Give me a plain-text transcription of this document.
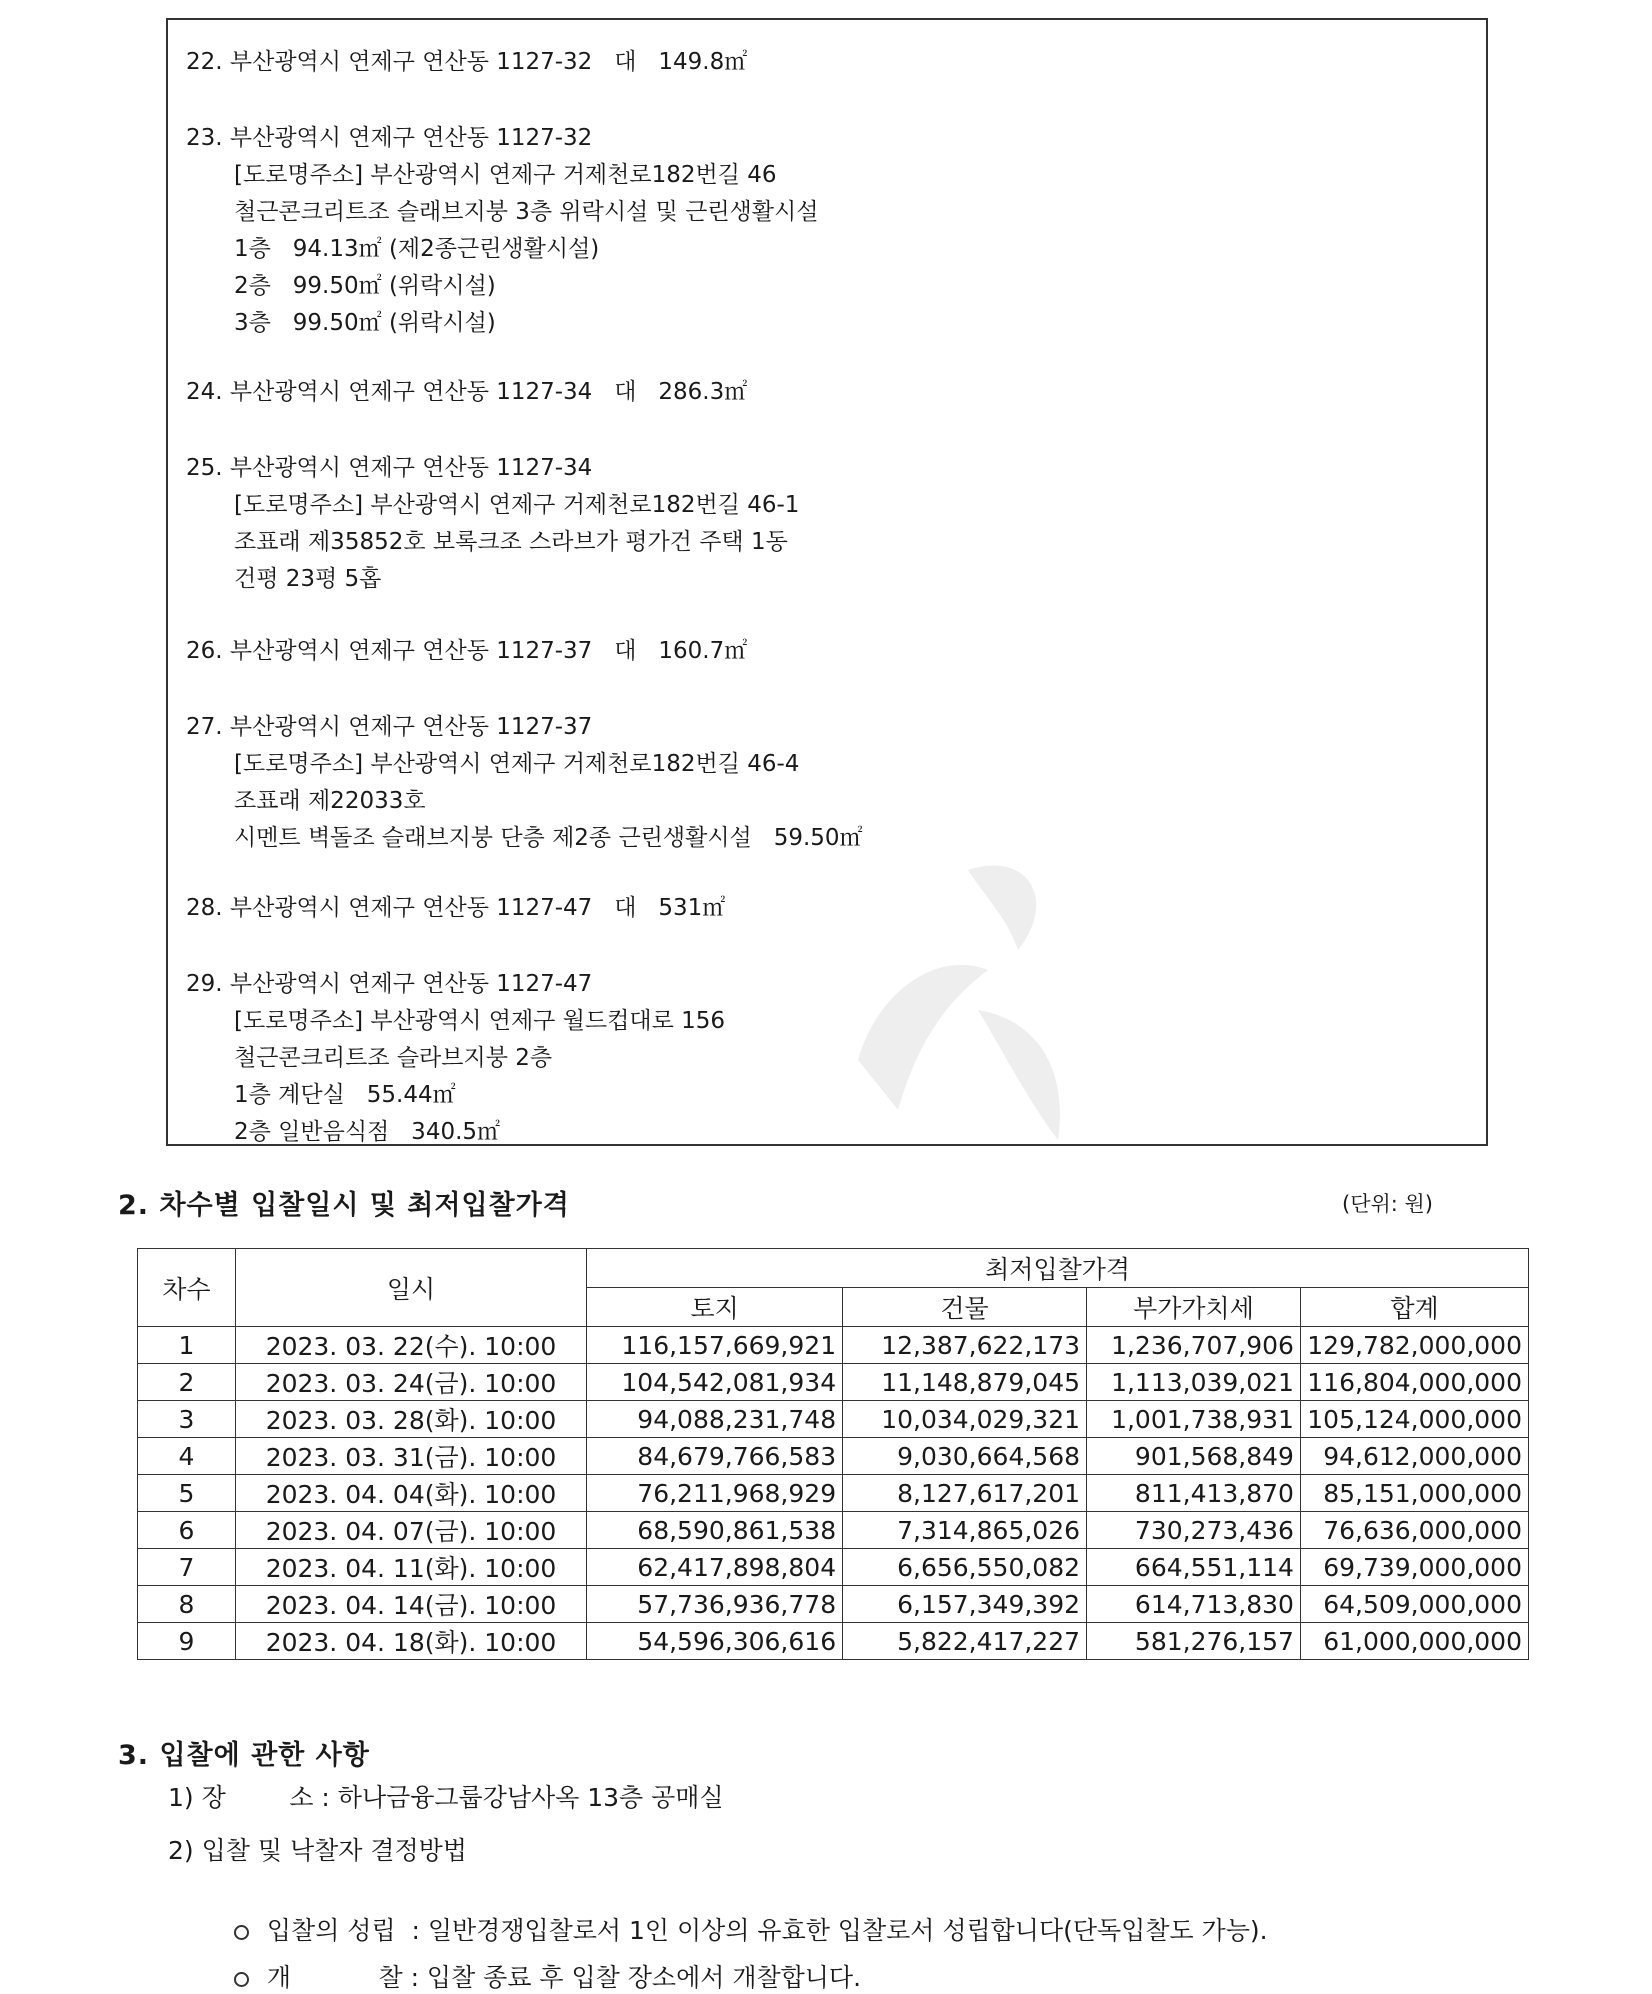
22. 부산광역시 연제구 연산동 1127-32   대   149.8㎡
23. 부산광역시 연제구 연산동 1127-32
[도로명주소] 부산광역시 연제구 거제천로182번길 46
철근콘크리트조 슬래브지붕 3층 위락시설 및 근린생활시설
1층   94.13㎡ (제2종근린생활시설)
2층   99.50㎡ (위락시설)
3층   99.50㎡ (위락시설)
24. 부산광역시 연제구 연산동 1127-34   대   286.3㎡
25. 부산광역시 연제구 연산동 1127-34
[도로명주소] 부산광역시 연제구 거제천로182번길 46-1
조표래 제35852호 보록크조 스라브가 평가건 주택 1동
건평 23평 5홉
26. 부산광역시 연제구 연산동 1127-37   대   160.7㎡
27. 부산광역시 연제구 연산동 1127-37
[도로명주소] 부산광역시 연제구 거제천로182번길 46-4
조표래 제22033호
시멘트 벽돌조 슬래브지붕 단층 제2종 근린생활시설   59.50㎡
28. 부산광역시 연제구 연산동 1127-47   대   531㎡
29. 부산광역시 연제구 연산동 1127-47
[도로명주소] 부산광역시 연제구 월드컵대로 156
철근콘크리트조 슬라브지붕 2층
1층 계단실   55.44㎡
2층 일반음식점   340.5㎡
2. 차수별 입찰일시 및 최저입찰가격	(단위: 원)
차수	일시	최저입찰가격			
		토지	건물	부가가치세	합계
1	2023. 03. 22(수). 10:00	116,157,669,921	12,387,622,173	1,236,707,906	129,782,000,000
2	2023. 03. 24(금). 10:00	104,542,081,934	11,148,879,045	1,113,039,021	116,804,000,000
3	2023. 03. 28(화). 10:00	94,088,231,748	10,034,029,321	1,001,738,931	105,124,000,000
4	2023. 03. 31(금). 10:00	84,679,766,583	9,030,664,568	901,568,849	94,612,000,000
5	2023. 04. 04(화). 10:00	76,211,968,929	8,127,617,201	811,413,870	85,151,000,000
6	2023. 04. 07(금). 10:00	68,590,861,538	7,314,865,026	730,273,436	76,636,000,000
7	2023. 04. 11(화). 10:00	62,417,898,804	6,656,550,082	664,551,114	69,739,000,000
8	2023. 04. 14(금). 10:00	57,736,936,778	6,157,349,392	614,713,830	64,509,000,000
9	2023. 04. 18(화). 10:00	54,596,306,616	5,822,417,227	581,276,157	61,000,000,000
3. 입찰에 관한 사항
1) 장        소 : 하나금융그룹강남사옥 13층 공매실
2) 입찰 및 낙찰자 결정방법

입찰의 성립  : 일반경쟁입찰로서 1인 이상의 유효한 입찰로서 성립합니다(단독입찰도 가능).

개           찰 : 입찰 종료 후 입찰 장소에서 개찰합니다.
